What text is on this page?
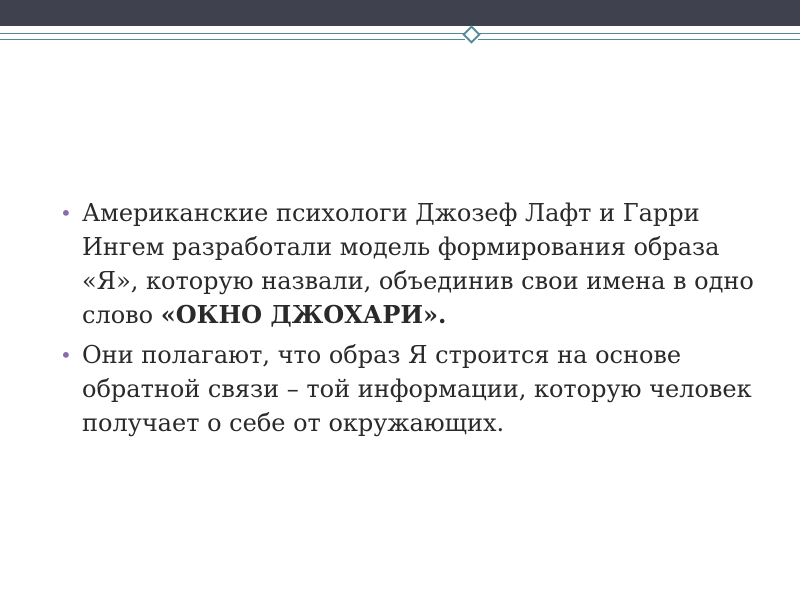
• Американские психологи Джозеф Лафт и Гарри Ингем разработали модель формирования образа «Я», которую назвали, объединив свои имена в одно слово «ОКНО ДЖОХАРИ».

• Они полагают, что образ Я строится на основе обратной связи – той информации, которую человек получает о себе от окружающих.
